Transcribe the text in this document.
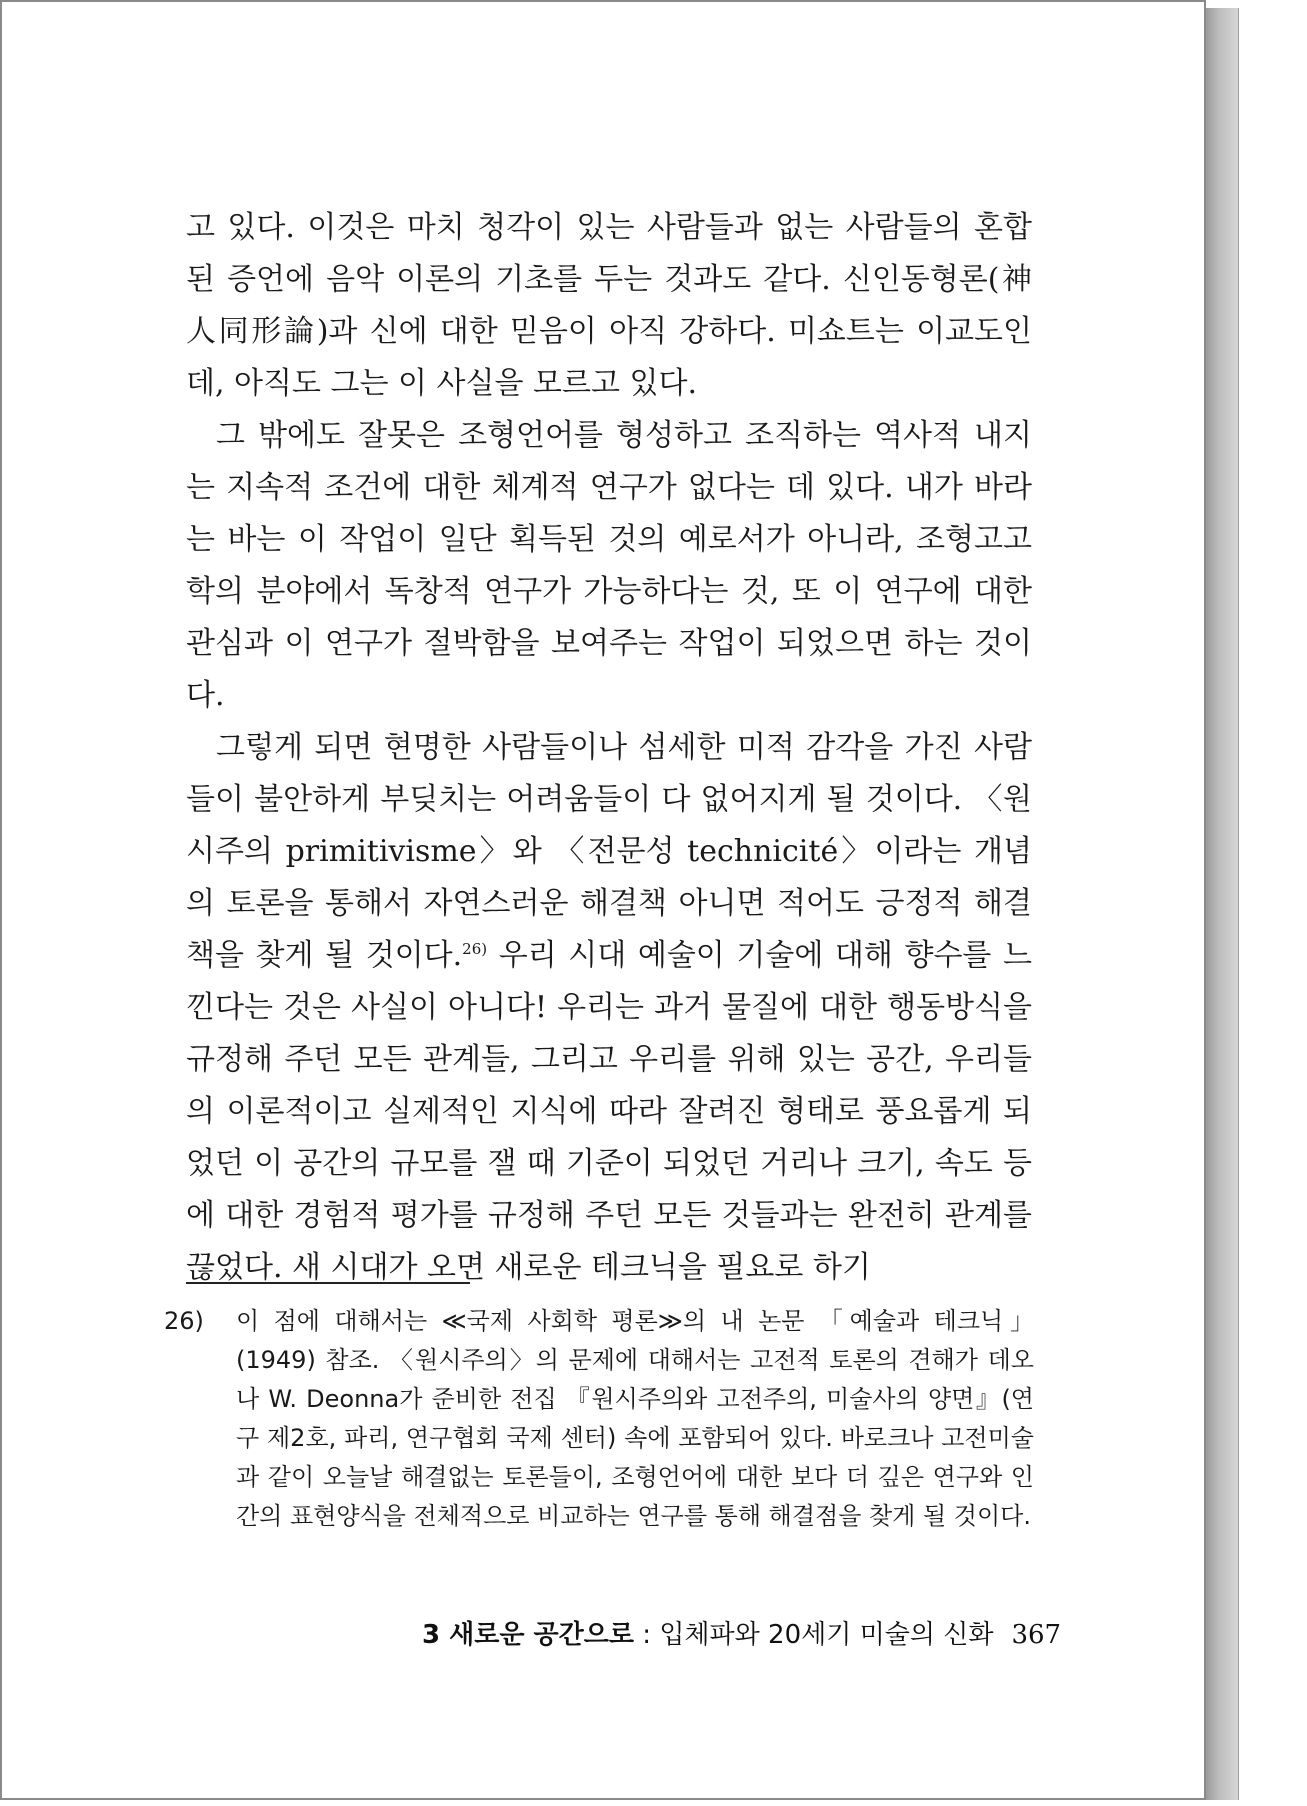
고 있다. 이것은 마치 청각이 있는 사람들과 없는 사람들의 혼합된 증언에 음악 이론의 기초를 두는 것과도 같다. 신인동형론(神人同形論)과 신에 대한 믿음이 아직 강하다. 미쇼트는 이교도인데, 아직도 그는 이 사실을 모르고 있다.

그 밖에도 잘못은 조형언어를 형성하고 조직하는 역사적 내지는 지속적 조건에 대한 체계적 연구가 없다는 데 있다. 내가 바라는 바는 이 작업이 일단 획득된 것의 예로서가 아니라, 조형고고학의 분야에서 독창적 연구가 가능하다는 것, 또 이 연구에 대한 관심과 이 연구가 절박함을 보여주는 작업이 되었으면 하는 것이다.

그렇게 되면 현명한 사람들이나 섬세한 미적 감각을 가진 사람들이 불안하게 부딪치는 어려움들이 다 없어지게 될 것이다. 〈원시주의 primitivisme〉와 〈전문성 technicité〉이라는 개념의 토론을 통해서 자연스러운 해결책 아니면 적어도 긍정적 해결책을 찾게 될 것이다.$^{26)}$ 우리 시대 예술이 기술에 대해 향수를 느낀다는 것은 사실이 아니다! 우리는 과거 물질에 대한 행동방식을 규정해 주던 모든 관계들, 그리고 우리를 위해 있는 공간, 우리들의 이론적이고 실제적인 지식에 따라 잘려진 형태로 풍요롭게 되었던 이 공간의 규모를 잴 때 기준이 되었던 거리나 크기, 속도 등에 대한 경험적 평가를 규정해 주던 모든 것들과는 완전히 관계를 끊었다. 새 시대가 오면 새로운 테크닉을 필요로 하기

26) 이 점에 대해서는 ≪국제 사회학 평론≫의 내 논문 「예술과 테크닉」(1949) 참조. 〈원시주의〉의 문제에 대해서는 고전적 토론의 견해가 데오나 W. Deonna가 준비한 전집 『원시주의와 고전주의, 미술사의 양면』(연구 제2호, 파리, 연구협회 국제 센터) 속에 포함되어 있다. 바로크나 고전미술과 같이 오늘날 해결없는 토론들이, 조형언어에 대한 보다 더 깊은 연구와 인간의 표현양식을 전체적으로 비교하는 연구를 통해 해결점을 찾게 될 것이다.

3 새로운 공간으로 : 입체파와 20세기 미술의 신화 367
